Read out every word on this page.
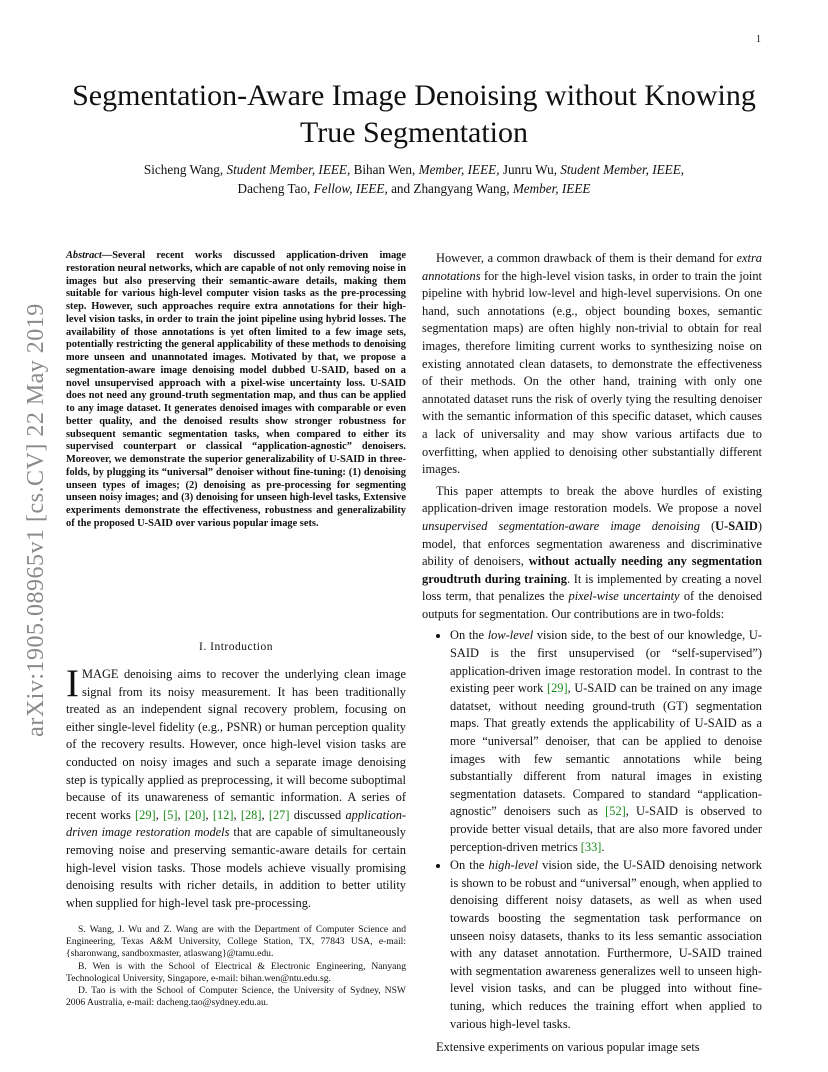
1
arXiv:1905.08965v1 [cs.CV] 22 May 2019
Segmentation-Aware Image Denoising without Knowing True Segmentation
Sicheng Wang, Student Member, IEEE, Bihan Wen, Member, IEEE, Junru Wu, Student Member, IEEE,
Dacheng Tao, Fellow, IEEE, and Zhangyang Wang, Member, IEEE
Abstract—Several recent works discussed application-driven image restoration neural networks, which are capable of not only removing noise in images but also preserving their semantic-aware details, making them suitable for various high-level computer vision tasks as the pre-processing step. However, such approaches require extra annotations for their high-level vision tasks, in order to train the joint pipeline using hybrid losses. The availability of those annotations is yet often limited to a few image sets, potentially restricting the general applicability of these methods to denoising more unseen and unannotated images. Motivated by that, we propose a segmentation-aware image denoising model dubbed U-SAID, based on a novel unsupervised approach with a pixel-wise uncertainty loss. U-SAID does not need any ground-truth segmentation map, and thus can be applied to any image dataset. It generates denoised images with comparable or even better quality, and the denoised results show stronger robustness for subsequent semantic segmentation tasks, when compared to either its supervised counterpart or classical “application-agnostic” denoisers. Moreover, we demonstrate the superior generalizability of U-SAID in three-folds, by plugging its “universal” denoiser without fine-tuning: (1) denoising unseen types of images; (2) denoising as pre-processing for segmenting unseen noisy images; and (3) denoising for unseen high-level tasks, Extensive experiments demonstrate the effectiveness, robustness and generalizability of the proposed U-SAID over various popular image sets.
I. Introduction
IMAGE denoising aims to recover the underlying clean image signal from its noisy measurement. It has been traditionally treated as an independent signal recovery problem, focusing on either single-level fidelity (e.g., PSNR) or human perception quality of the recovery results. However, once high-level vision tasks are conducted on noisy images and such a separate image denoising step is typically applied as preprocessing, it will become suboptimal because of its unawareness of semantic information. A series of recent works [29], [5], [20], [12], [28], [27] discussed application-driven image restoration models that are capable of simultaneously removing noise and preserving semantic-aware details for certain high-level vision tasks. Those models achieve visually promising denoising results with richer details, in addition to better utility when supplied for high-level task pre-processing.

S. Wang, J. Wu and Z. Wang are with the Department of Computer Science and Engineering, Texas A&M University, College Station, TX, 77843 USA, e-mail: {sharonwang, sandboxmaster, atlaswang}@tamu.edu.

B. Wen is with the School of Electrical & Electronic Engineering, Nanyang Technological University, Singapore, e-mail: bihan.wen@ntu.edu.sg.

D. Tao is with the School of Computer Science, the University of Sydney, NSW 2006 Australia, e-mail: dacheng.tao@sydney.edu.au.

However, a common drawback of them is their demand for extra annotations for the high-level vision tasks, in order to train the joint pipeline with hybrid low-level and high-level supervisions. On one hand, such annotations (e.g., object bounding boxes, semantic segmentation maps) are often highly non-trivial to obtain for real images, therefore limiting current works to synthesizing noise on existing annotated clean datasets, to demonstrate the effectiveness of their methods. On the other hand, training with only one annotated dataset runs the risk of overly tying the resulting denoiser with the semantic information of this specific dataset, which causes a lack of universality and may show various artifacts due to overfitting, when applied to denoising other substantially different images.

This paper attempts to break the above hurdles of existing application-driven image restoration models. We propose a novel unsupervised segmentation-aware image denoising (U-SAID) model, that enforces segmentation awareness and discriminative ability of denoisers, without actually needing any segmentation groudtruth during training. It is implemented by creating a novel loss term, that penalizes the pixel-wise uncertainty of the denoised outputs for segmentation. Our contributions are in two-folds:

• On the low-level vision side, to the best of our knowledge, U-SAID is the first unsupervised (or “self-supervised”) application-driven image restoration model. In contrast to the existing peer work [29], U-SAID can be trained on any image datatset, without needing ground-truth (GT) segmentation maps. That greatly extends the applicability of U-SAID as a more “universal” denoiser, that can be applied to denoise images with few semantic annotations while being substantially different from natural images in existing segmentation datasets. Compared to standard “application-agnostic” denoisers such as [52], U-SAID is observed to provide better visual details, that are also more favored under perception-driven metrics [33].
• On the high-level vision side, the U-SAID denoising network is shown to be robust and “universal” enough, when applied to denoising different noisy datasets, as well as when used towards boosting the segmentation task performance on unseen noisy datasets, thanks to its less semantic association with any dataset annotation. Furthermore, U-SAID trained with segmentation awareness generalizes well to unseen high-level vision tasks, and can be plugged into without fine-tuning, which reduces the training effort when applied to various high-level tasks.

Extensive experiments on various popular image sets
